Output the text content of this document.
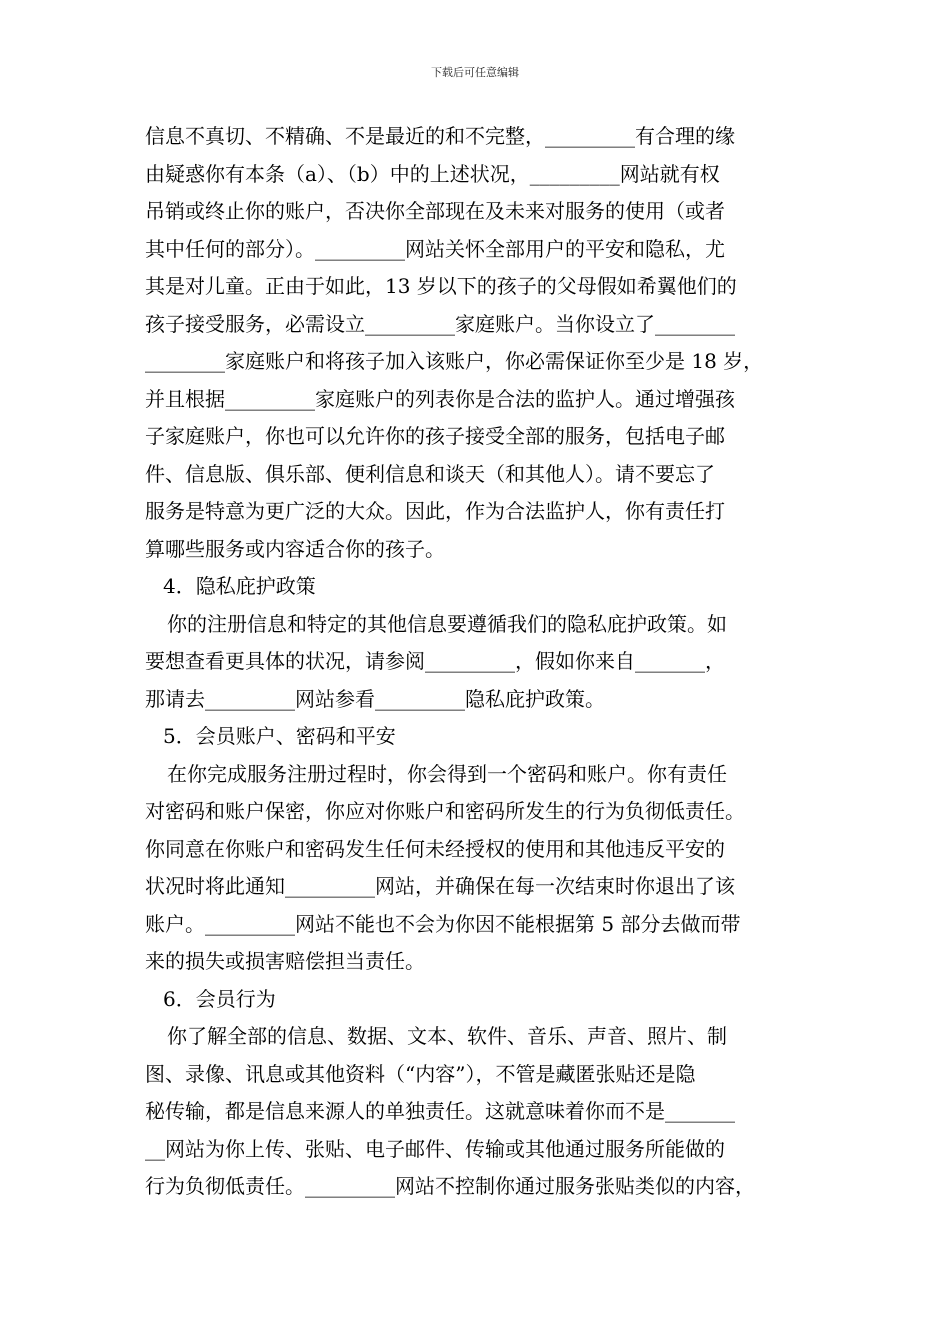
下载后可任意编辑
信息不真切、不精确、不是最近的和不完整，_________有合理的缘
由疑惑你有本条（a）、（b）中的上述状况，_________网站就有权
吊销或终止你的账户，否决你全部现在及未来对服务的使用（或者
其中任何的部分）。_________网站关怀全部用户的平安和隐私，尤
其是对儿童。正由于如此，13 岁以下的孩子的父母假如希翼他们的
孩子接受服务，必需设立_________家庭账户。当你设立了________
________家庭账户和将孩子加入该账户，你必需保证你至少是 18 岁，
并且根据_________家庭账户的列表你是合法的监护人。通过增强孩
子家庭账户，你也可以允许你的孩子接受全部的服务，包括电子邮
件、信息版、俱乐部、便利信息和谈天（和其他人）。请不要忘了
服务是特意为更广泛的大众。因此，作为合法监护人，你有责任打
算哪些服务或内容适合你的孩子。
4．隐私庇护政策
你的注册信息和特定的其他信息要遵循我们的隐私庇护政策。如
要想查看更具体的状况，请参阅_________，假如你来自_______，
那请去_________网站参看_________隐私庇护政策。
5．会员账户、密码和平安
在你完成服务注册过程时，你会得到一个密码和账户。你有责任
对密码和账户保密，你应对你账户和密码所发生的行为负彻低责任。
你同意在你账户和密码发生任何未经授权的使用和其他违反平安的
状况时将此通知_________网站，并确保在每一次结束时你退出了该
账户。_________网站不能也不会为你因不能根据第 5 部分去做而带
来的损失或损害赔偿担当责任。
6．会员行为
你了解全部的信息、数据、文本、软件、音乐、声音、照片、制
图、录像、讯息或其他资料（“内容”），不管是藏匿张贴还是隐
秘传输，都是信息来源人的单独责任。这就意味着你而不是_______
__网站为你上传、张贴、电子邮件、传输或其他通过服务所能做的
行为负彻低责任。_________网站不控制你通过服务张贴类似的内容，
